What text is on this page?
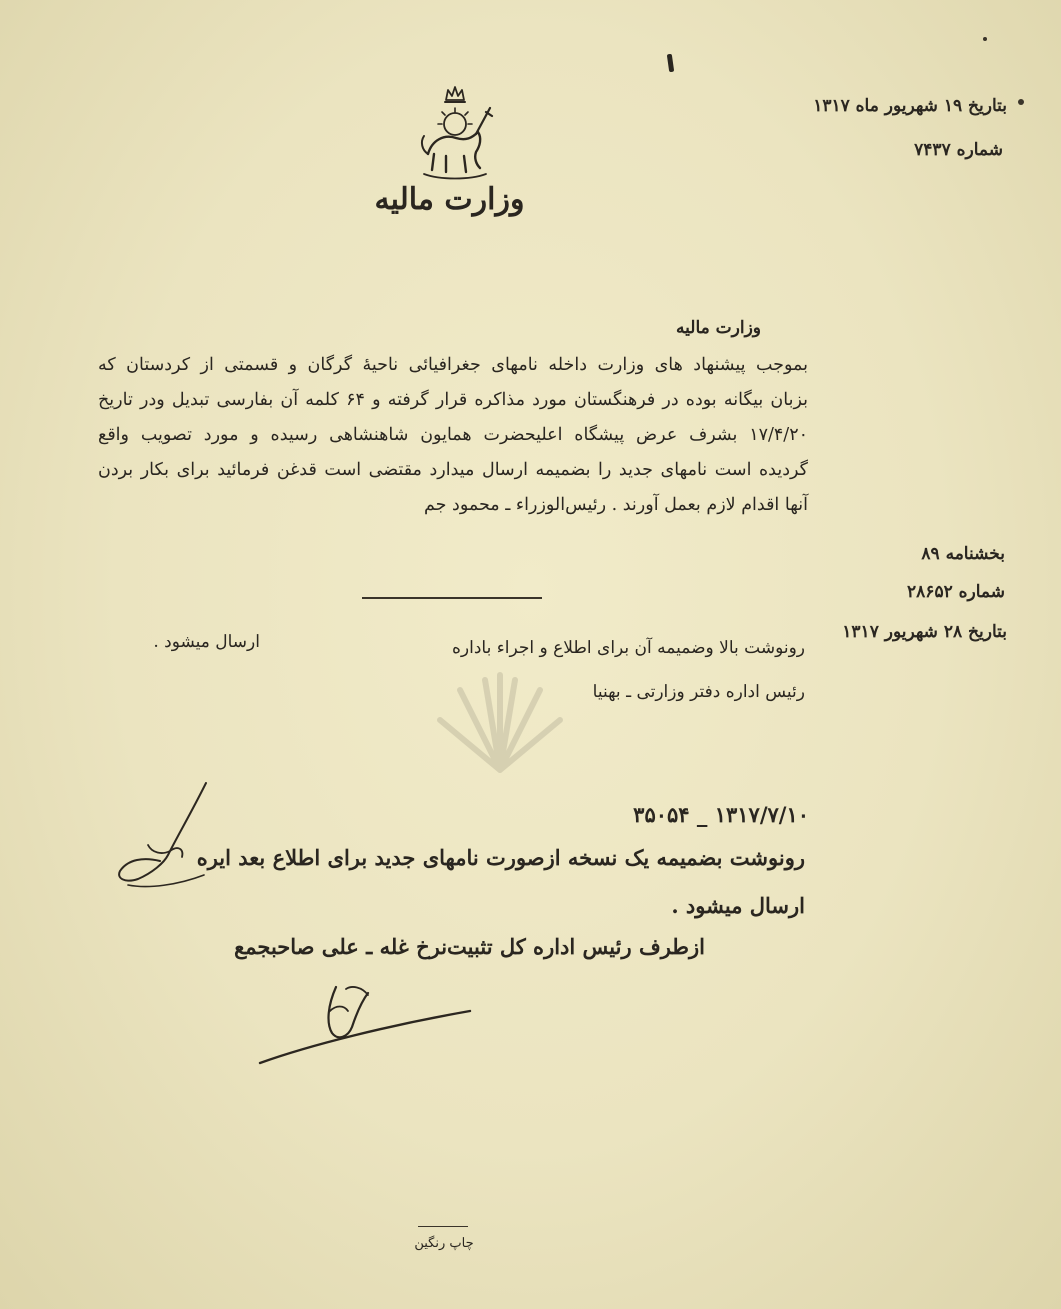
وزارت مالیه
بتاریخ ۱۹ شهریور ماه ۱۳۱۷
شماره ۷۴۳۷
وزارت مالیه
بموجب پیشنهاد های وزارت داخله نامهای جغرافیائی ناحیهٔ گرگان و قسمتی از کردستان که
بزبان بیگانه بوده در فرهنگستان مورد مذاکره قرار گرفته و ۶۴ کلمه آن بفارسی تبدیل ودر تاریخ
۱۷/۴/۲۰ بشرف عرض پیشگاه اعلیحضرت همایون شاهنشاهی رسیده و مورد تصویب واقع
گردیده است نامهای جدید را بضمیمه ارسال میدارد مقتضی است قدغن فرمائید برای بکار بردن
آنها اقدام لازم بعمل آورند . رئیس‌الوزراء ـ محمود جم
بخشنامه ۸۹
شماره ۲۸۶۵۲
بتاریخ ۲۸ شهریور ۱۳۱۷
رونوشت بالا وضمیمه آن برای اطلاع و اجراء باداره
ارسال میشود .
رئیس اداره دفتر وزارتی ـ بهنیا
۱۳۱۷/۷/۱۰ _ ۳۵۰۵۴
رونوشت بضمیمه یک نسخه ازصورت نامهای جدید برای اطلاع بعد ایره
ارسال میشود .
ازطرف رئیس اداره کل تثبیت‌نرخ غله ـ علی صاحبجمع
چاپ رنگین
